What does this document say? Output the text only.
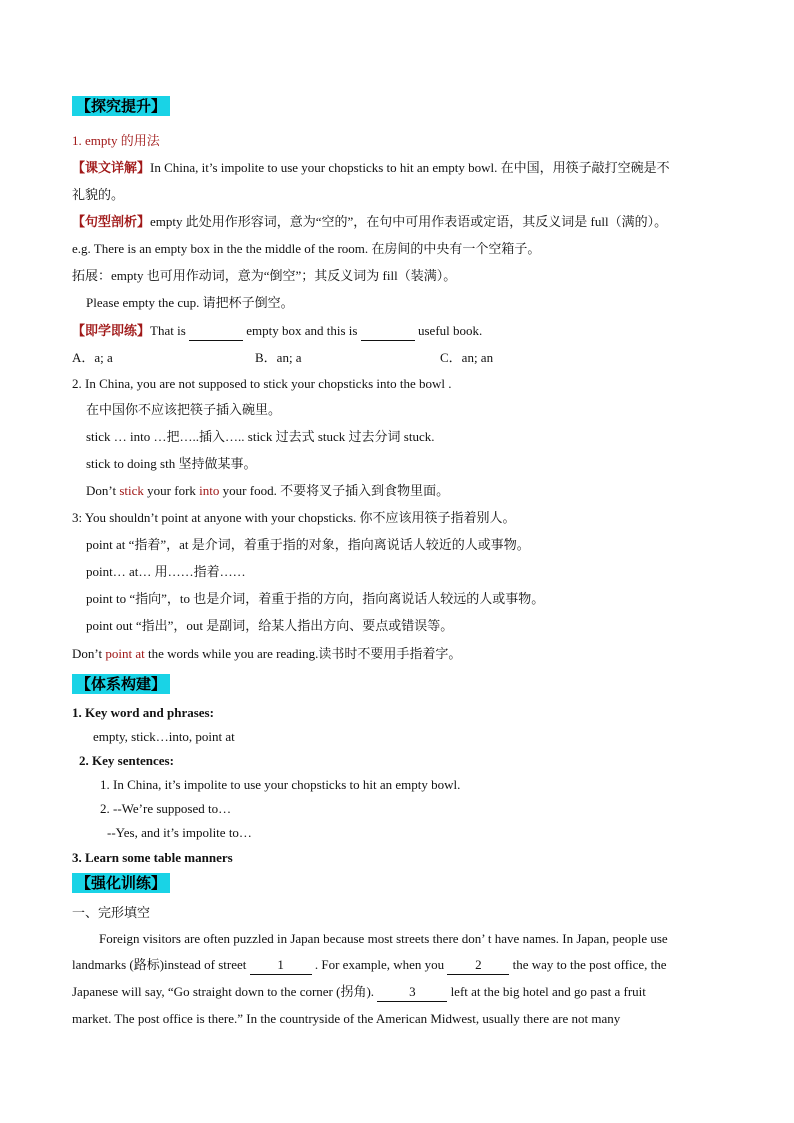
【探究提升】
1. empty 的用法
【课文详解】In China, it’s impolite to use your chopsticks to hit an empty bowl. 在中国，用筷子敲打空碗是不
礼貌的。
【句型剖析】empty 此处用作形容词，意为“空的”，在句中可用作表语或定语，其反义词是 full（满的）。
e.g. There is an empty box in the the middle of the room. 在房间的中央有一个空箱子。
拓展：empty 也可用作动词，意为“倒空”；其反义词为 fill（装满）。
Please empty the cup. 请把杯子倒空。
【即学即练】That is	empty box and this is	useful book.
A．a; a	B．an; a	C．an; an
2. In China, you are not supposed to stick your chopsticks into the bowl .
在中国你不应该把筷子插入碗里。
stick … into …把…..插入….. stick 过去式 stuck 过去分词 stuck.
stick to doing sth 坚持做某事。
Don’t stick your fork into your food. 不要将叉子插入到食物里面。
3: You shouldn’t point at anyone with your chopsticks. 你不应该用筷子指着别人。
point at “指着”，at 是介词，着重于指的对象，指向离说话人较近的人或事物。
point… at… 用……指着……
point to “指向”，to 也是介词，着重于指的方向，指向离说话人较远的人或事物。
point out “指出”，out 是副词，给某人指出方向、要点或错误等。
Don’t point at the words while you are reading.读书时不要用手指着字。
【体系构建】
1. Key word and phrases:
empty, stick…into, point at
2. Key sentences:
1. In China, it’s impolite to use your chopsticks to hit an empty bowl.
2. --We’re supposed to…
--Yes, and it’s impolite to…
3. Learn some table manners
【强化训练】
一、完形填空
Foreign visitors are often puzzled in Japan because most streets there don’ t have names. In Japan, people use
landmarks (路标)instead of street 1 . For example, when you 2 the way to the post office, the
Japanese will say, “Go straight down to the corner (拐角).	3	left at the big hotel and go past a fruit
market. The post office is there.” In the countryside of the American Midwest, usually there are not many
